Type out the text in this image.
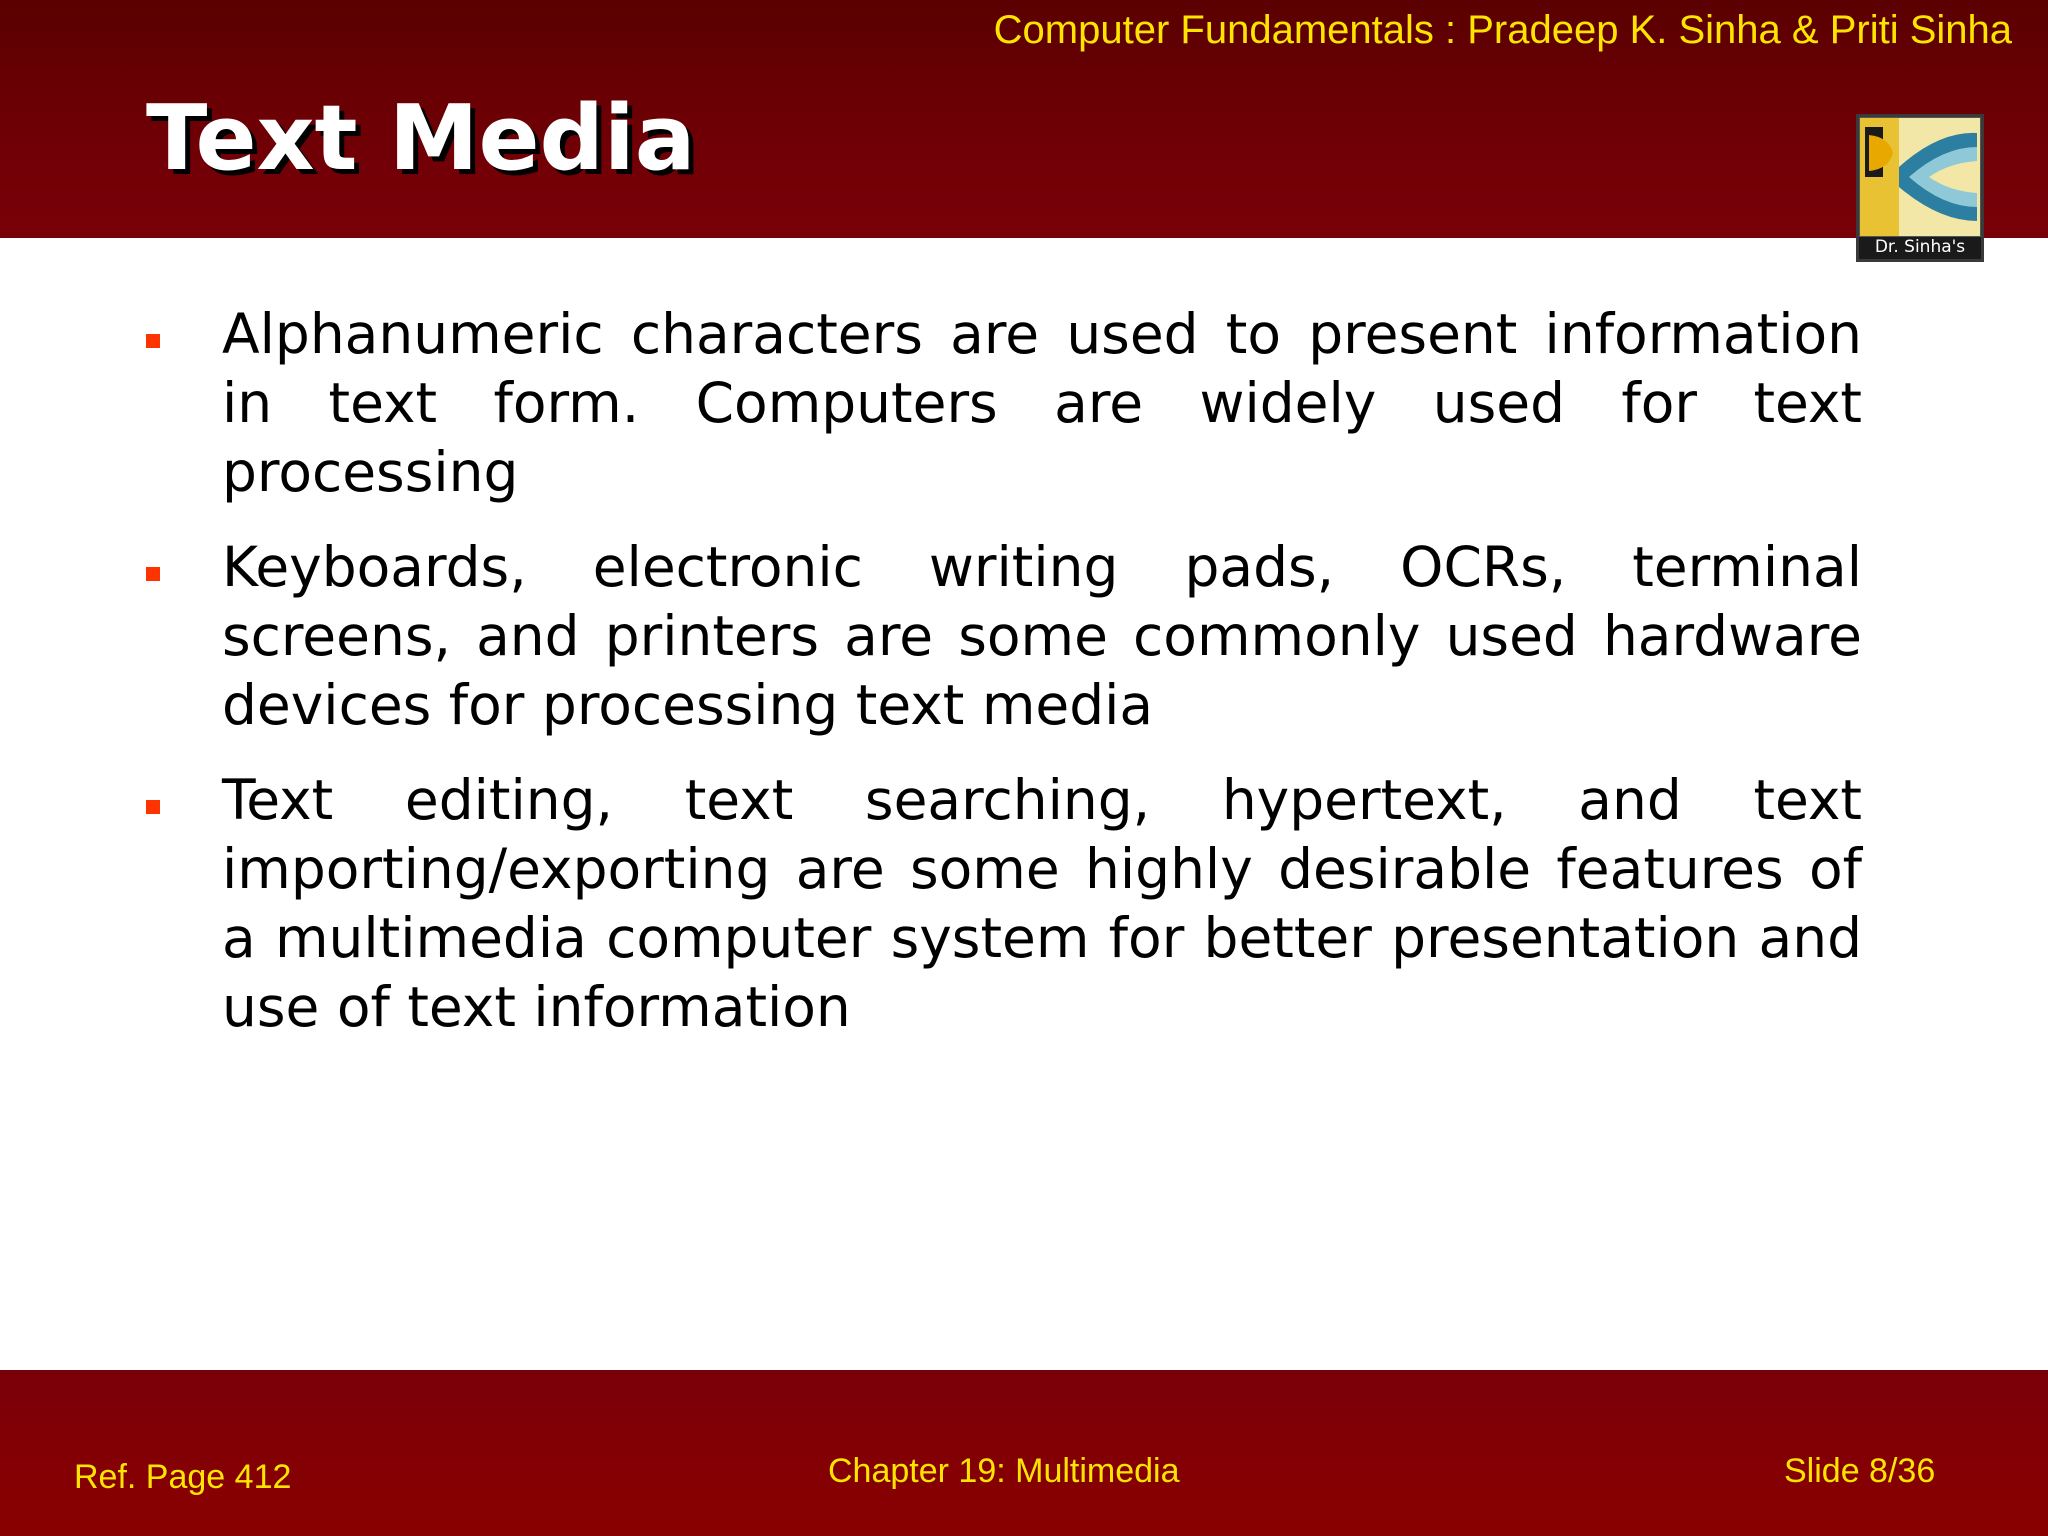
Computer Fundamentals : Pradeep K. Sinha & Priti Sinha
Text Media
Dr. Sinha's
Alphanumeric characters are used to present information in text form. Computers are widely used for text processing
Keyboards, electronic writing pads, OCRs, terminal screens, and printers are some commonly used hardware devices for processing text media
Text editing, text searching, hypertext, and text importing/exporting are some highly desirable features of a multimedia computer system for better presentation and use of text information
Ref. Page 412	Chapter 19: Multimedia	Slide 8/36
